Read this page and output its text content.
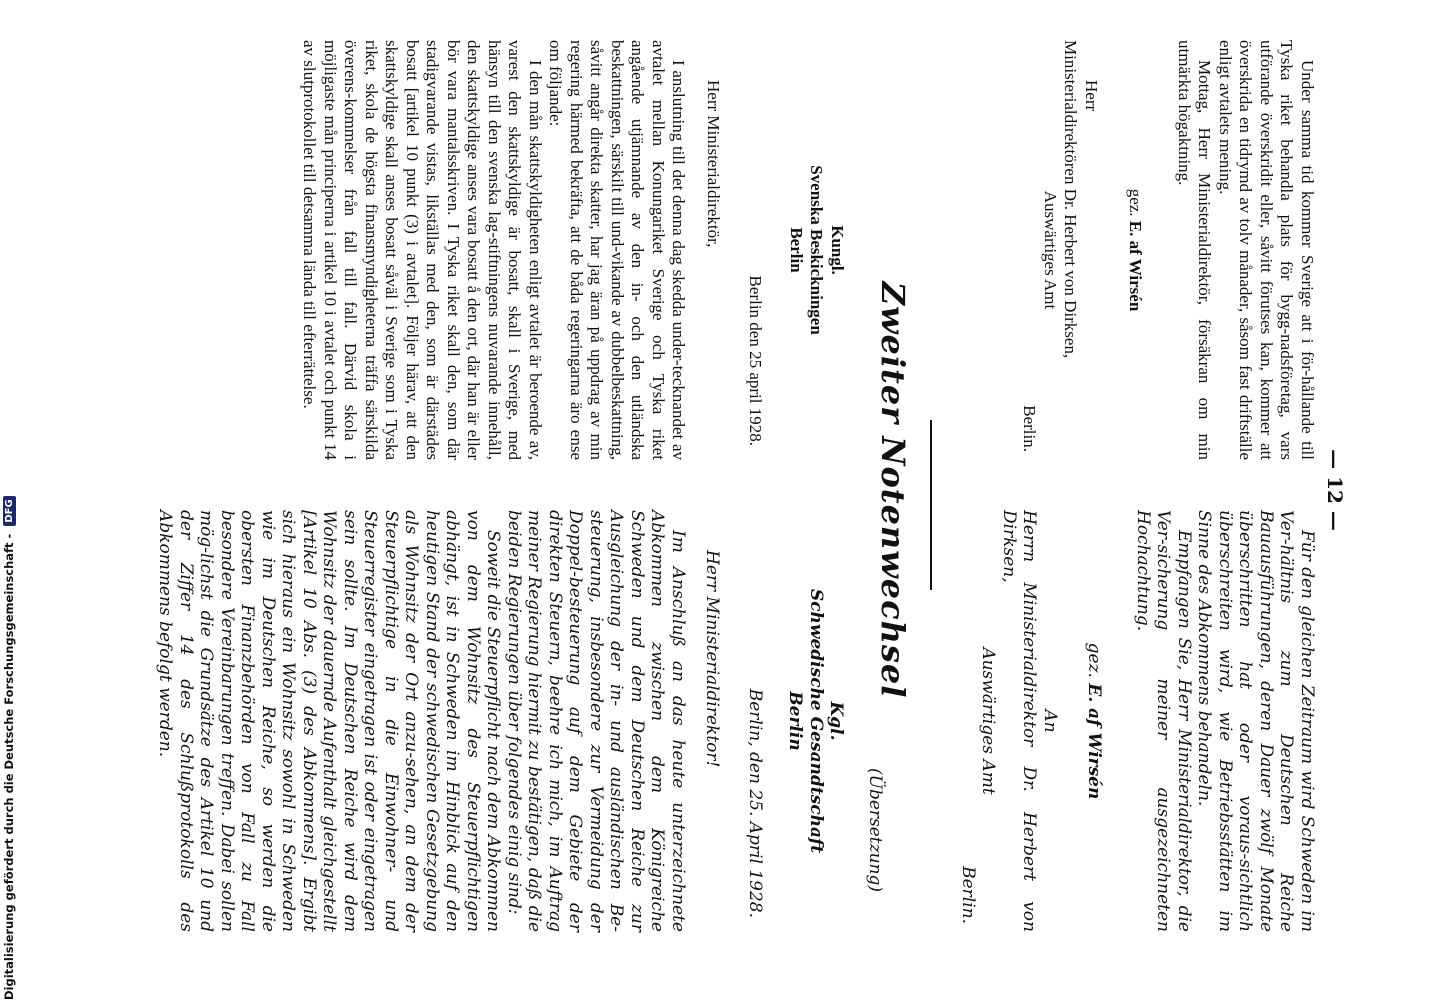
— 12 —

Under samma tid kommer Sverige att i för-hållande till Tyska riket behandla plats för bygg-nadsföretag, vars utförande överskridit eller, såvitt förutses kan, kommer att överskrida en tidrymd av tolv månader, såsom fast driftställe enligt avtalets mening.

Mottag, Herr Ministerialdirektör, försäkran om min utmärkta högaktning.

gez. E. af Wirsén
Herr
Ministerialdirektören Dr. Herbert von Dirksen,
Auswärtiges Amt
Berlin.

Für den gleichen Zeitraum wird Schweden im Ver-hältnis zum Deutschen Reiche Bauausführungen, deren Dauer zwölf Monate überschritten hat oder voraus-sichtlich überschreiten wird, wie Betriebsstätten im Sinne des Abkommens behandeln.

Empfangen Sie, Herr Ministerialdirektor, die Ver-sicherung meiner ausgezeichneten Hochachtung.

gez. E. af Wirsén
An
Herrn Ministerialdirektor Dr. Herbert von Dirksen,
Auswärtiges Amt
Berlin.
Zweiter Notenwechsel
Kungl.
Svenska Beskickningen
Berlin
Berlin den 25 april 1928.
Herr Ministerialdirektör,

I anslutning till det denna dag skedda under-tecknandet av avtalet mellan Konungariket Sverige och Tyska riket angående utjämnande av den in- och den utländska beskattningen, särskilt till und-vikande av dubbelbeskattning, såvitt angår direkta skatter, har jag äran på uppdrag av min regering härmed bekräfta, att de båda regeringarna äro ense om följande:

I den mån skattskyldigheten enligt avtalet är beroende av, varest den skattskyldige är bosatt, skall i Sverige, med hänsyn till den svenska lag-stiftningens nuvarande innehåll, den skattskyldige anses vara bosatt å den ort, där han är eller bör vara mantalsskriven. I Tyska riket skall den, som där stadigvarande vistas, likställas med den, som är därstädes bosatt [artikel 10 punkt (3) i avtalet]. Följer härav, att den skattskyldige skall anses bosatt såväl i Sverige som i Tyska riket, skola de högsta finansmyndigheterna träffa särskilda överens-kommelser från fall till fall. Därvid skola i möjligaste mån principerna i artikel 10 i avtalet och punkt 14 av slutprotokollet till detsamma lända till efterrättelse.

(Übersetzung)
Kgl.
Schwedische Gesandtschaft
Berlin
Berlin, den 25. April 1928.
Herr Ministerialdirektor!

Im Anschluß an das heute unterzeichnete Abkommen zwischen dem Königreiche Schweden und dem Deutschen Reiche zur Ausgleichung der in- und ausländischen Be-steuerung, insbesondere zur Vermeidung der Doppel-besteuerung auf dem Gebiete der direkten Steuern, beehre ich mich, im Auftrag meiner Regierung hiermit zu bestätigen, daß die beiden Regierungen über folgendes einig sind:

Soweit die Steuerpflicht nach dem Abkommen von dem Wohnsitz des Steuerpflichtigen abhängt, ist in Schweden im Hinblick auf den heutigen Stand der schwedischen Gesetzgebung als Wohnsitz der Ort anzu-sehen, an dem der Steuerpflichtige in die Einwohner- und Steuerregister eingetragen ist oder eingetragen sein sollte. Im Deutschen Reiche wird dem Wohnsitz der dauernde Aufenthalt gleichgestellt [Artikel 10 Abs. (3) des Abkommens]. Ergibt sich hieraus ein Wohnsitz sowohl in Schweden wie im Deutschen Reiche, so werden die obersten Finanzbehörden von Fall zu Fall besondere Vereinbarungen treffen. Dabei sollen mög-lichst die Grundsätze des Artikel 10 und der Ziffer 14 des Schlußprotokolls des Abkommens befolgt werden.

Digitalisierung gefördert durch die Deutsche Forschungsgemeinschaft - DFG
